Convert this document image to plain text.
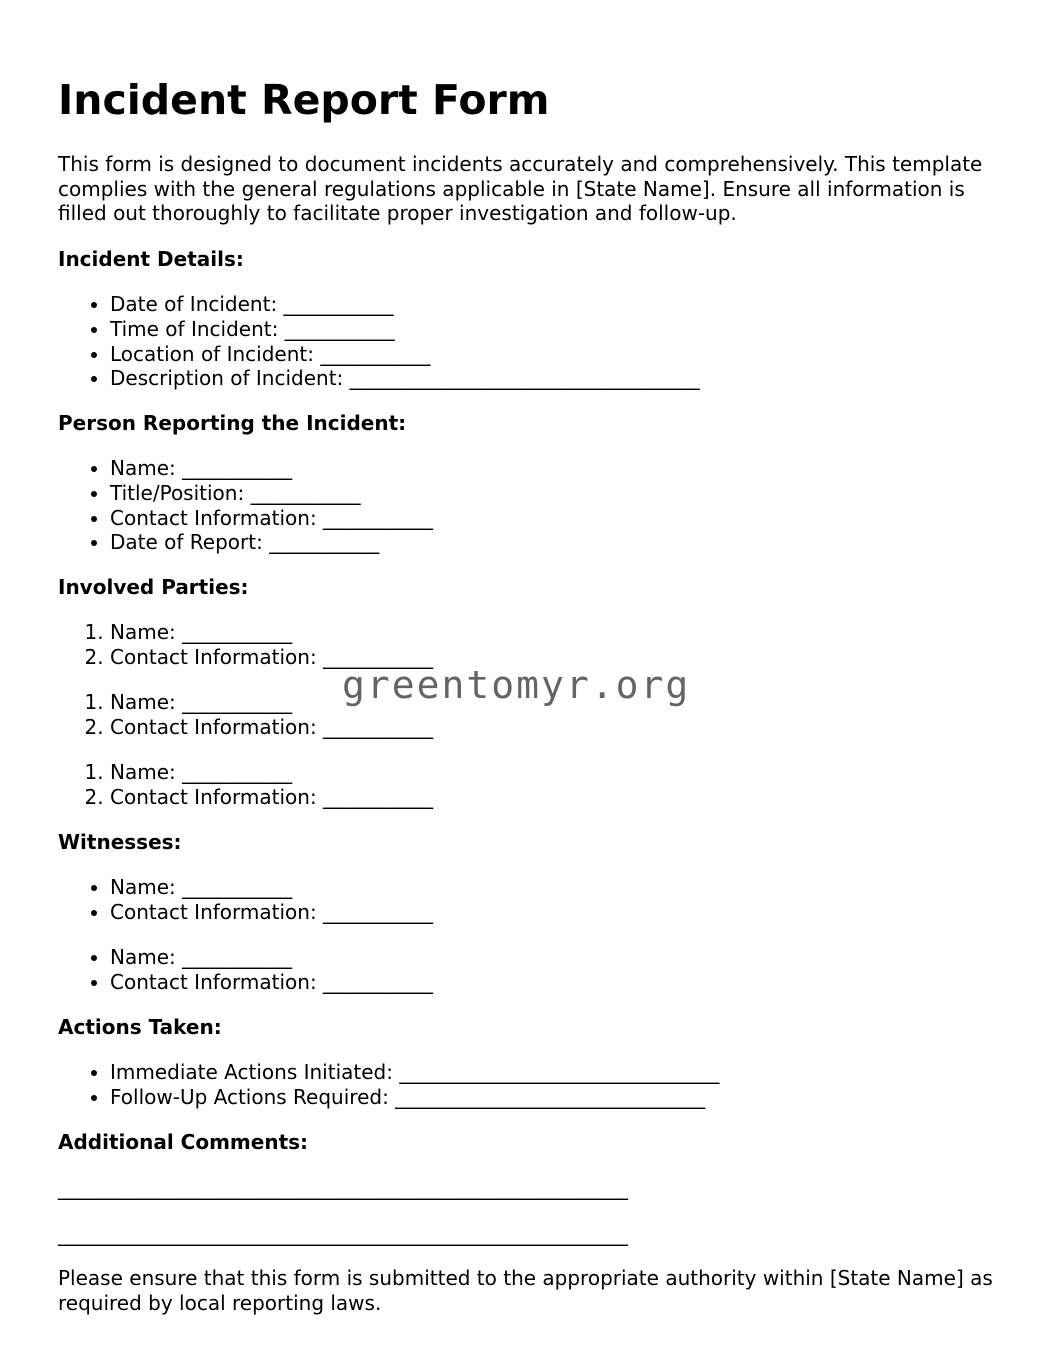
Incident Report Form

This form is designed to document incidents accurately and comprehensively. This template complies with the general regulations applicable in [State Name]. Ensure all information is filled out thoroughly to facilitate proper investigation and follow-up.

Incident Details:

• Date of Incident: ___________
• Time of Incident: ___________
• Location of Incident: ___________
• Description of Incident: ___________________________________

Person Reporting the Incident:

• Name: ___________
• Title/Position: ___________
• Contact Information: ___________
• Date of Report: ___________

Involved Parties:

1. Name: ___________
2. Contact Information: ___________
1. Name: ___________
2. Contact Information: ___________
1. Name: ___________
2. Contact Information: ___________

Witnesses:

• Name: ___________
• Contact Information: ___________
• Name: ___________
• Contact Information: ___________

Actions Taken:

• Immediate Actions Initiated: ________________________________
• Follow-Up Actions Required: _______________________________

Additional Comments:

_________________________________________________________

_________________________________________________________

Please ensure that this form is submitted to the appropriate authority within [State Name] as required by local reporting laws.

greentomyr.org
